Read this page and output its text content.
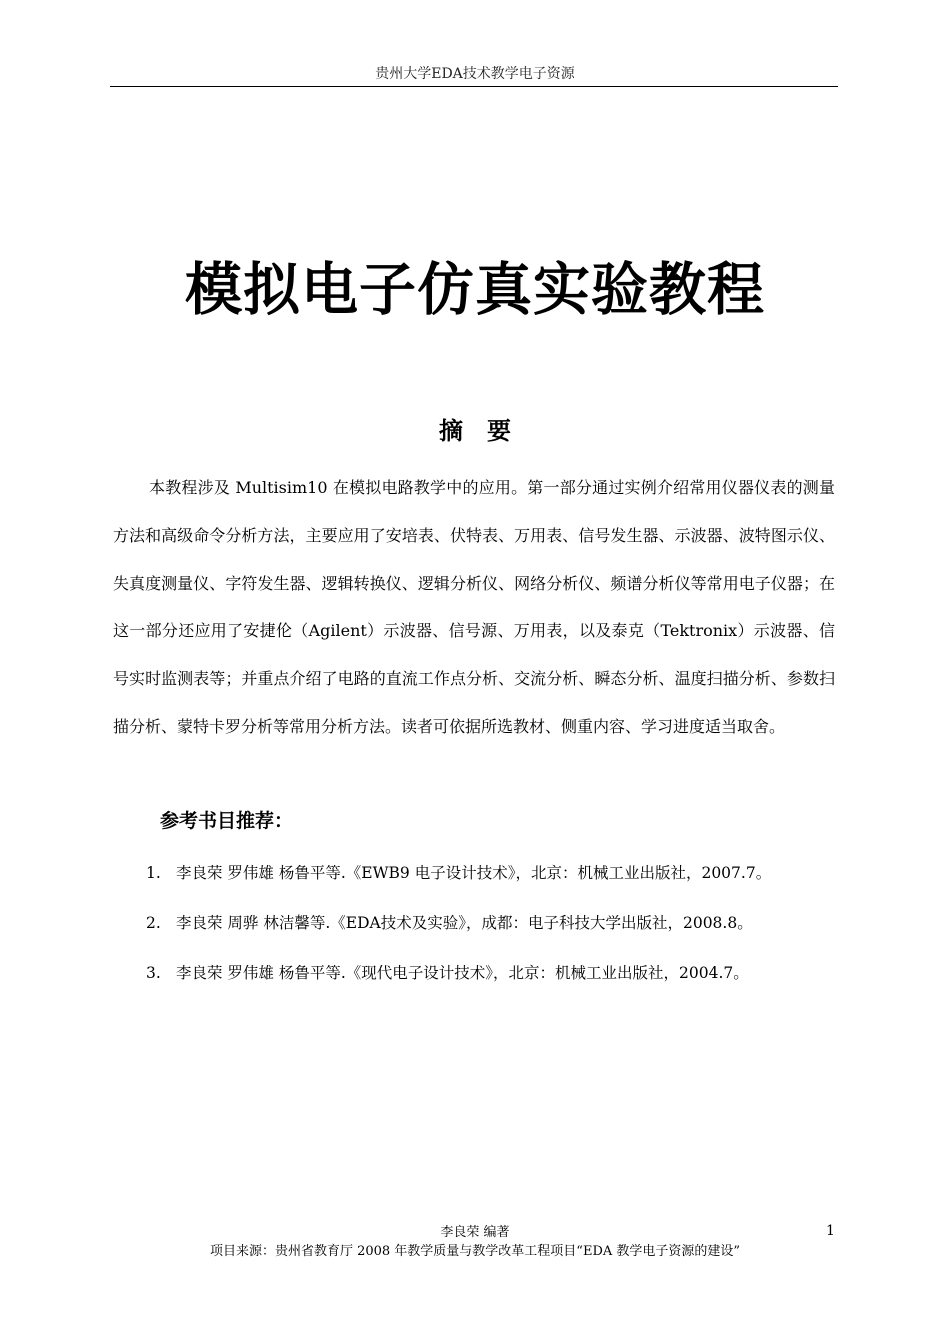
贵州大学EDA技术教学电子资源
模拟电子仿真实验教程
摘　要

本教程涉及 Multisim10 在模拟电路教学中的应用。第一部分通过实例介绍常用仪器仪表的测量方法和高级命令分析方法，主要应用了安培表、伏特表、万用表、信号发生器、示波器、波特图示仪、失真度测量仪、字符发生器、逻辑转换仪、逻辑分析仪、网络分析仪、频谱分析仪等常用电子仪器；在这一部分还应用了安捷伦（Agilent）示波器、信号源、万用表，以及泰克（Tektronix）示波器、信号实时监测表等；并重点介绍了电路的直流工作点分析、交流分析、瞬态分析、温度扫描分析、参数扫描分析、蒙特卡罗分析等常用分析方法。读者可依据所选教材、侧重内容、学习进度适当取舍。

参考书目推荐：
1. 李良荣 罗伟雄 杨鲁平等.《EWB9 电子设计技术》，北京：机械工业出版社，2007.7。
2. 李良荣 周骅 林洁馨等.《EDA技术及实验》，成都：电子科技大学出版社，2008.8。
3. 李良荣 罗伟雄 杨鲁平等.《现代电子设计技术》，北京：机械工业出版社，2004.7。
李良荣 编著	1
项目来源：贵州省教育厅 2008 年教学质量与教学改革工程项目“EDA 教学电子资源的建设”
